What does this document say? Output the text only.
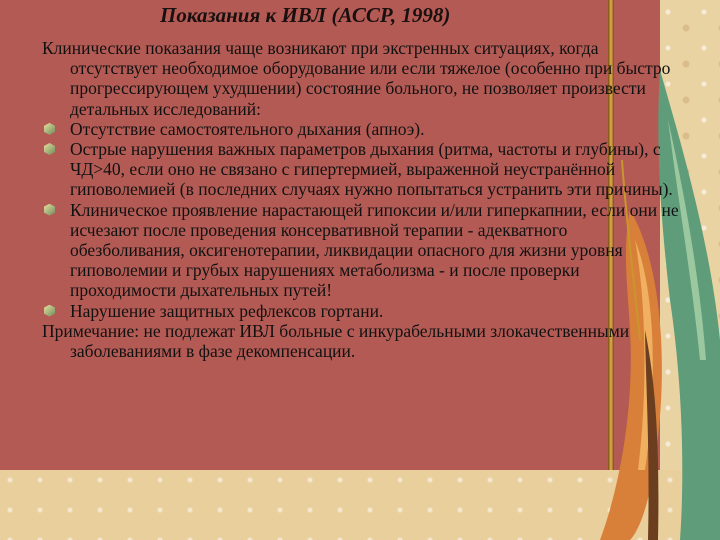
Показания к ИВЛ (АССР, 1998)

Клинические показания чаще возникают при экстренных ситуациях, когда отсутствует необходимое оборудование или если тяжелое (особенно при быстро прогрессирующем ухудшении) состояние больного, не позволяет произвести детальных исследований:

Отсутствие самостоятельного дыхания (апноэ).
Острые нарушения важных параметров дыхания (ритма, частоты и глубины), с ЧД>40, если оно не связано с гипертермией, выраженной неустранённой гиповолемией (в последних случаях нужно попытаться устранить эти причины).
Клиническое проявление нарастающей гипоксии и/или гиперкапнии, если они не исчезают после проведения консервативной терапии - адекватного обезболивания, оксигенотерапии, ликвидации опасного для жизни уровня гиповолемии и грубых нарушениях метаболизма - и после проверки проходимости дыхательных путей!
Нарушение защитных рефлексов гортани.

Примечание: не подлежат ИВЛ больные с инкурабельными злокачественными заболеваниями в фазе декомпенсации.
